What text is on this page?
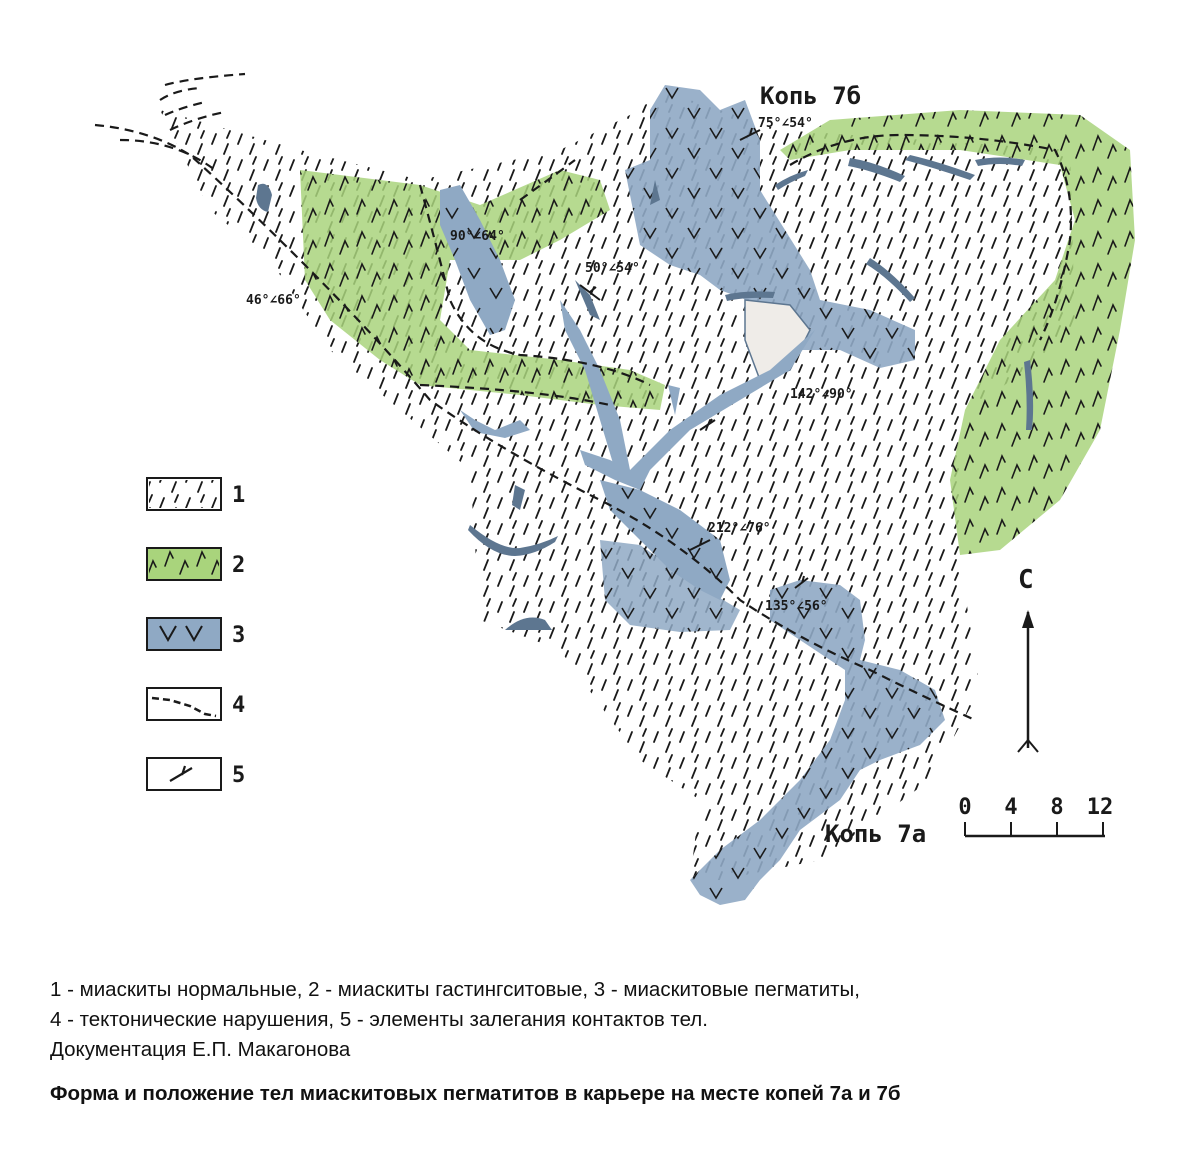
75°∠54°
90°∠64°
50°∠54°
46°∠66°
142°∠90°
212°∠76°
135°∠56°
Копь 7б
Копь 7а
С
0 4 8 12
1
2
3
4
5
1 - миаскиты нормальные, 2 - миаскиты гастингситовые, 3 - миаскитовые пегматиты,
4 - тектонические нарушения, 5 - элементы залегания контактов тел.
Документация Е.П. Макагонова
Форма и положение тел миаскитовых пегматитов в карьере на месте копей 7а и 7б
